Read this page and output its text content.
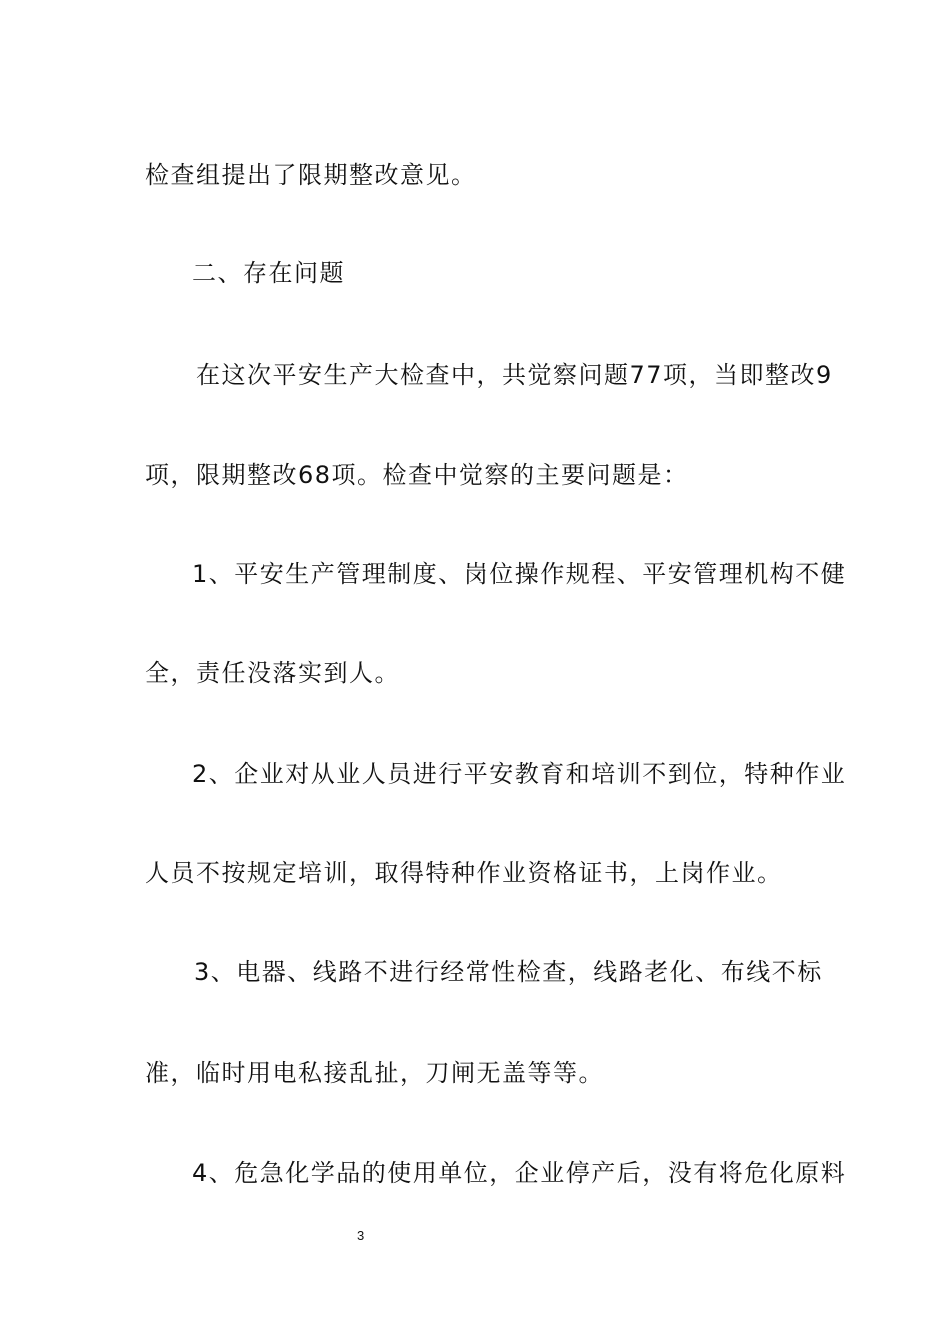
检查组提出了限期整改意见。

二、存在问题

在这次平安生产大检查中，共觉察问题77项，当即整改9

项，限期整改68项。检查中觉察的主要问题是：

1、平安生产管理制度、岗位操作规程、平安管理机构不健

全，责任没落实到人。

2、企业对从业人员进行平安教育和培训不到位，特种作业

人员不按规定培训，取得特种作业资格证书，上岗作业。

3、电器、线路不进行经常性检查，线路老化、布线不标

准，临时用电私接乱扯，刀闸无盖等等。

4、危急化学品的使用单位，企业停产后，没有将危化原料

3
